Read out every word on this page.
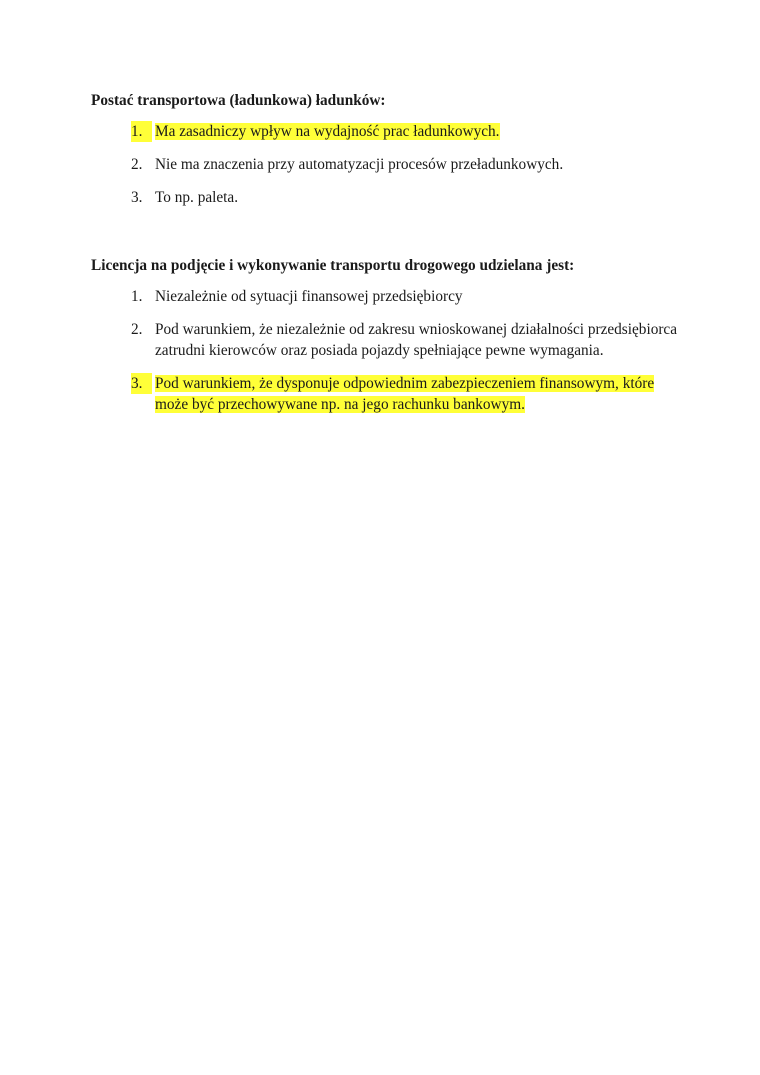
Postać transportowa (ładunkowa) ładunków:

1. Ma zasadniczy wpływ na wydajność prac ładunkowych.
2. Nie ma znaczenia przy automatyzacji procesów przeładunkowych.
3. To np. paleta.

Licencja na podjęcie i wykonywanie transportu drogowego udzielana jest:

1. Niezależnie od sytuacji finansowej przedsiębiorcy
2. Pod warunkiem, że niezależnie od zakresu wnioskowanej działalności przedsiębiorca zatrudni kierowców oraz posiada pojazdy spełniające pewne wymagania.
3. Pod warunkiem, że dysponuje odpowiednim zabezpieczeniem finansowym, które może być przechowywane np. na jego rachunku bankowym.
